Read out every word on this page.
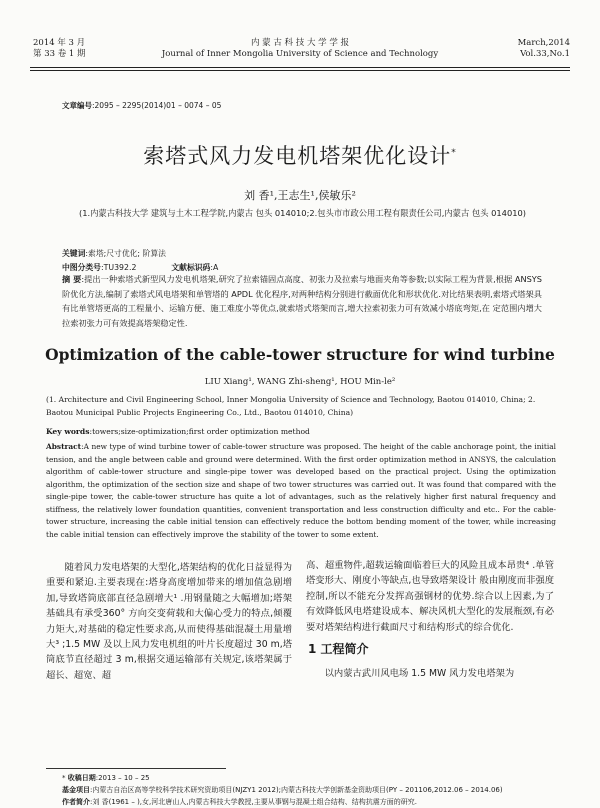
2014 年 3 月
第 33 卷 1 期
内 蒙 古 科 技 大 学 学 报
Journal of Inner Mongolia University of Science and Technology
March,2014
Vol.33,No.1
文章编号:2095 – 2295(2014)01 – 0074 – 05
索塔式风力发电机塔架优化设计*
刘 香¹,王志生¹,侯敏乐²
(1.内蒙古科技大学 建筑与土木工程学院,内蒙古 包头 014010;2.包头市市政公用工程有限责任公司,内蒙古 包头 014010)
关键词:索塔;尺寸优化; 阶算法
中图分类号:TU392.2	文献标识码:A
摘 要:提出一种索塔式新型风力发电机塔架,研究了拉索锚固点高度、初张力及拉索与地面夹角等参数;以实际工程为背景,根据 ANSYS 阶优化方法,编制了索塔式风电塔架和单管塔的 APDL 优化程序,对两种结构分别进行截面优化和形状优化.对比结果表明,索塔式塔架具有比单管塔更高的工程量小、运输方便、施工难度小等优点,就索塔式塔架而言,增大拉索初张力可有效减小塔底弯矩,在 定范围内增大拉索初张力可有效提高塔架稳定性.
Optimization of the cable-tower structure for wind turbine
LIU Xiang¹, WANG Zhi-sheng¹, HOU Min-le²
(1. Architecture and Civil Engineering School, Inner Mongolia University of Science and Technology, Baotou 014010, China; 2. Baotou Municipal Public Projects Engineering Co., Ltd., Baotou 014010, China)
Key words:towers;size-optimization;first order optimization method
Abstract:A new type of wind turbine tower of cable-tower structure was proposed. The height of the cable anchorage point, the initial tension, and the angle between cable and ground were determined. With the first order optimization method in ANSYS, the calculation algorithm of cable-tower structure and single-pipe tower was developed based on the practical project. Using the optimization algorithm, the optimization of the section size and shape of two tower structures was carried out. It was found that compared with the single-pipe tower, the cable-tower structure has quite a lot of advantages, such as the relatively higher first natural frequency and stiffness, the relatively lower foundation quantities, convenient transportation and less construction difficulty and etc.. For the cable-tower structure, increasing the cable initial tension can effectively reduce the bottom bending moment of the tower, while increasing the cable initial tension can effectively improve the stability of the tower to some extent.
随着风力发电塔架的大型化,塔架结构的优化日益显得为重要和紧迫.主要表现在:塔身高度增加带来的增加值急剧增加,导致塔筒底部直径急剧增大¹ .用钢量随之大幅增加;塔架基础具有承受360° 方向交变荷载和大偏心受力的特点,倾覆力矩大,对基础的稳定性要求高,从而使得基础混凝土用量增大³ ;1.5 MW 及以上风力发电机组的叶片长度超过 30 m,塔筒底节直径超过 3 m,根据交通运输部有关规定,该塔架属于超长、超宽、超
高、超重物件,超载运输面临着巨大的风险且成本昂贵⁴ .单管塔变形大、刚度小等缺点,也导致塔架设计 般由刚度而非强度控制,所以不能充分发挥高强钢材的优势.综合以上因素,为了有效降低风电塔建设成本、解决风机大型化的发展瓶颈,有必要对塔架结构进行截面尺寸和结构形式的综合优化.
1 工程简介
以内蒙古武川风电场 1.5 MW 风力发电塔架为

* 收稿日期:2013 – 10 – 25

基金项目:内蒙古自治区高等学校科学技术研究资助项目(NJZY1 2012);内蒙古科技大学创新基金资助项目(PY – 201106,2012.06 – 2014.06)

作者简介:刘 香(1961 – ),女,河北唐山人,内蒙古科技大学教授,主要从事钢与混凝土组合结构、结构抗震方面的研究.
